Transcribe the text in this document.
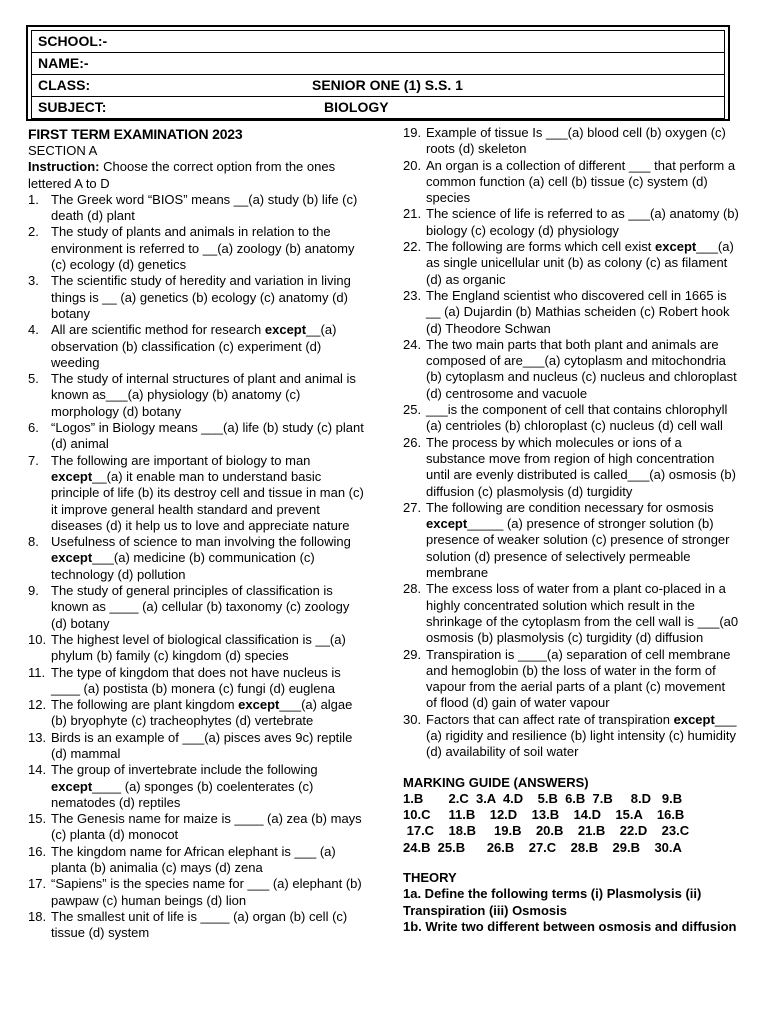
SCHOOL:-
NAME:-
CLASS:	SENIOR ONE (1) S.S. 1
SUBJECT:	BIOLOGY
FIRST TERM EXAMINATION 2023
SECTION A
Instruction: Choose the correct option from the ones lettered A to D
1. The Greek word “BIOS” means __(a) study (b) life (c) death (d) plant
2. The study of plants and animals in relation to the environment is referred to __(a) zoology (b) anatomy (c) ecology (d) genetics
3. The scientific study of heredity and variation in living things is __ (a) genetics (b) ecology (c) anatomy (d) botany
4. All are scientific method for research except__(a) observation (b) classification (c) experiment (d) weeding
5. The study of internal structures of plant and animal is known as___(a) physiology (b) anatomy (c) morphology (d) botany
6. “Logos” in Biology means ___(a) life (b) study (c) plant (d) animal
7. The following are important of biology to man except__(a) it enable man to understand basic principle of life (b) its destroy cell and tissue in man (c) it improve general health standard and prevent diseases (d) it help us to love and appreciate nature
8. Usefulness of science to man involving the following except___(a) medicine (b) communication (c) technology (d) pollution
9. The study of general principles of classification is known as ____ (a) cellular (b) taxonomy (c) zoology (d) botany
10. The highest level of biological classification is __(a) phylum (b) family (c) kingdom (d) species
11. The type of kingdom that does not have nucleus is ____ (a) postista (b) monera (c) fungi (d) euglena
12. The following are plant kingdom except___(a) algae (b) bryophyte (c) tracheophytes (d) vertebrate
13. Birds is an example of ___(a) pisces aves 9c) reptile (d) mammal
14. The group of invertebrate include the following except____ (a) sponges (b) coelenterates (c) nematodes (d) reptiles
15. The Genesis name for maize is ____ (a) zea (b) mays (c) planta (d) monocot
16. The kingdom name for African elephant is ___ (a) planta (b) animalia (c) mays (d) zena
17. “Sapiens” is the species name for ___ (a) elephant (b) pawpaw (c) human beings (d) lion
18. The smallest unit of life is ____ (a) organ (b) cell (c) tissue (d) system
19. Example of tissue Is ___(a) blood cell (b) oxygen (c) roots (d) skeleton
20. An organ is a collection of different ___ that perform a common function (a) cell (b) tissue (c) system (d) species
21. The science of life is referred to as ___(a) anatomy (b) biology (c) ecology (d) physiology
22. The following are forms which cell exist except___(a) as single unicellular unit (b) as colony (c) as filament (d) as organic
23. The England scientist who discovered cell in 1665 is __ (a) Dujardin (b) Mathias scheiden (c) Robert hook (d) Theodore Schwan
24. The two main parts that both plant and animals are composed of are___(a) cytoplasm and mitochondria (b) cytoplasm and nucleus (c) nucleus and chloroplast (d) centrosome and vacuole
25. ___is the component of cell that contains chlorophyll (a) centrioles (b) chloroplast (c) nucleus (d) cell wall
26. The process by which molecules or ions of a substance move from region of high concentration until are evenly distributed is called___(a) osmosis (b) diffusion (c) plasmolysis (d) turgidity
27. The following are condition necessary for osmosis except_____ (a) presence of stronger solution (b) presence of weaker solution (c) presence of stronger solution (d) presence of selectively permeable membrane
28. The excess loss of water from a plant co-placed in a highly concentrated solution which result in the shrinkage of the cytoplasm from the cell wall is ___(a0 osmosis (b) plasmolysis (c) turgidity (d) diffusion
29. Transpiration is ____(a) separation of cell membrane and hemoglobin (b) the loss of water in the form of vapour from the aerial parts of a plant (c) movement of flood (d) gain of water vapour
30. Factors that can affect rate of transpiration except___ (a) rigidity and resilience (b) light intensity (c) humidity (d) availability of soil water
MARKING GUIDE (ANSWERS)
1.B       2.C  3.A  4.D    5.B  6.B  7.B     8.D   9.B
10.C     11.B    12.D    13.B    14.D    15.A    16.B
17.C    18.B     19.B    20.B    21.B    22.D    23.C
24.B  25.B      26.B    27.C    28.B    29.B    30.A
THEORY
1a. Define the following terms (i) Plasmolysis (ii) Transpiration (iii) Osmosis
1b. Write two different between osmosis and diffusion
